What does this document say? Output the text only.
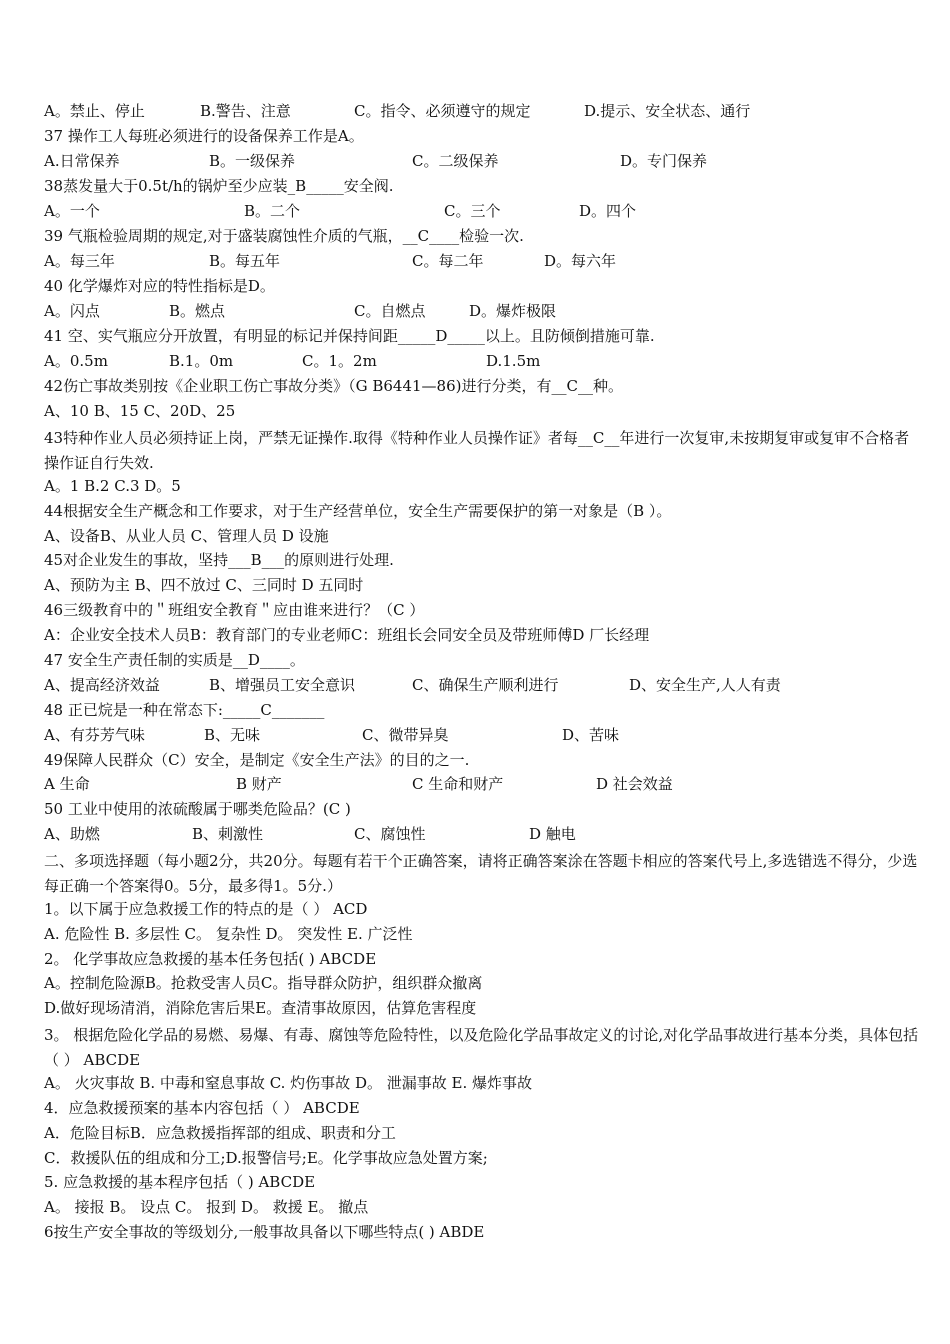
A。禁止、停止	B.警告、注意	C。指令、必须遵守的规定	D.提示、安全状态、通行
37 操作工人每班必须进行的设备保养工作是A。
A.日常保养	B。一级保养	C。二级保养	D。专门保养
38蒸发量大于0.5t/h的锅炉至少应装_B_____安全阀.
A。一个	B。二个	C。三个	D。四个
39 气瓶检验周期的规定,对于盛装腐蚀性介质的气瓶，__C____检验一次.
A。每三年	B。每五年	C。每二年	D。每六年
40 化学爆炸对应的特性指标是D。
A。闪点	B。燃点	C。自燃点	D。爆炸极限
41 空、实气瓶应分开放置，有明显的标记并保持间距_____D_____以上。且防倾倒措施可靠.
A。0.5m	B.1。0m	C。1。2m	D.1.5m
42伤亡事故类别按《企业职工伤亡事故分类》（G B6441—86)进行分类，有__C__种。
A、10 B、15 C、20D、25
43特种作业人员必须持证上岗，严禁无证操作.取得《特种作业人员操作证》者每__C__年进行一次复审,未按期复审或复审不合格者操作证自行失效.
A。1 B.2 C.3 D。5
44根据安全生产概念和工作要求，对于生产经营单位，安全生产需要保护的第一对象是（B ）。
A、设备B、从业人员 C、管理人员 D 设施
45对企业发生的事故，坚持___B___的原则进行处理.
A、预防为主 B、四不放过 C、三同时 D 五同时
46三级教育中的＂班组安全教育＂应由谁来进行？（C ）
A：企业安全技术人员B：教育部门的专业老师C：班组长会同安全员及带班师傅D 厂长经理
47 安全生产责任制的实质是__D____。
A、提高经济效益	B、增强员工安全意识	C、确保生产顺利进行	D、安全生产,人人有责
48 正已烷是一种在常态下:_____C_______
A、有芬芳气味	B、无味	C、微带异臭	D、苦味
49保障人民群众（C）安全，是制定《安全生产法》的目的之一.
A 生命	B 财产	C 生命和财产	D 社会效益
50 工业中使用的浓硫酸属于哪类危险品？(C )
A、助燃	B、刺激性	C、腐蚀性	D 触电
二、多项选择题（每小题2分，共20分。每题有若干个正确答案，请将正确答案涂在答题卡相应的答案代号上,多选错选不得分，少选每正确一个答案得0。5分，最多得1。5分.）
1。以下属于应急救援工作的特点的是（ ） ACD
A. 危险性 B. 多层性 C。 复杂性 D。 突发性 E. 广泛性
2。 化学事故应急救援的基本任务包括( ) ABCDE
A。控制危险源B。抢救受害人员C。指导群众防护，组织群众撤离
D.做好现场清消，消除危害后果E。查清事故原因，估算危害程度
3。 根据危险化学品的易燃、易爆、有毒、腐蚀等危险特性，以及危险化学品事故定义的讨论,对化学品事故进行基本分类，具体包括（ ） ABCDE
A。 火灾事故 B. 中毒和窒息事故 C. 灼伤事故 D。 泄漏事故 E. 爆炸事故
4．应急救援预案的基本内容包括（ ） ABCDE
A．危险目标B．应急救援指挥部的组成、职责和分工
C．救援队伍的组成和分工;D.报警信号;E。化学事故应急处置方案;
5. 应急救援的基本程序包括（ ) ABCDE
A。 接报 B。 设点 C。 报到 D。 救援 E。 撤点
6按生产安全事故的等级划分,一般事故具备以下哪些特点( ) ABDE
